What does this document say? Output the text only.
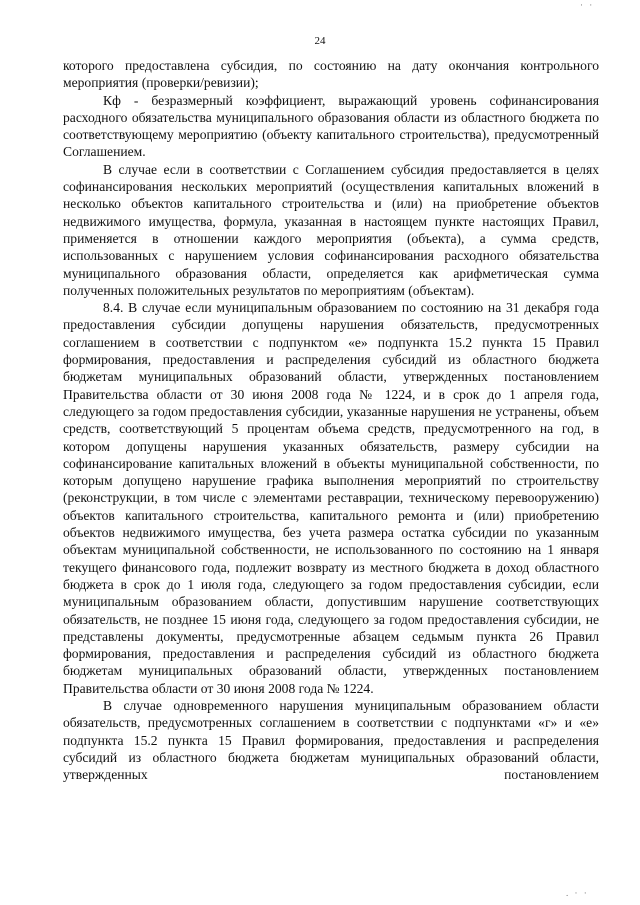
· ·
24

которого предоставлена субсидия, по состоянию на дату окончания контрольного мероприятия (проверки/ревизии);

Кф - безразмерный коэффициент, выражающий уровень софинансирования расходного обязательства муниципального образования области из областного бюджета по соответствующему мероприятию (объекту капитального строительства), предусмотренный Соглашением.

В случае если в соответствии с Соглашением субсидия предоставляется в целях софинансирования нескольких мероприятий (осуществления капитальных вложений в несколько объектов капитального строительства и (или) на приобретение объектов недвижимого имущества, формула, указанная в настоящем пункте настоящих Правил, применяется в отношении каждого мероприятия (объекта), а сумма средств, использованных с нарушением условия софинансирования расходного обязательства муниципального образования области, определяется как арифметическая сумма полученных положительных результатов по мероприятиям (объектам).

8.4. В случае если муниципальным образованием по состоянию на 31 декабря года предоставления субсидии допущены нарушения обязательств, предусмотренных соглашением в соответствии с подпунктом «е» подпункта 15.2 пункта 15 Правил формирования, предоставления и распределения субсидий из областного бюджета бюджетам муниципальных образований области, утвержденных постановлением Правительства области от 30 июня 2008 года № 1224, и в срок до 1 апреля года, следующего за годом предоставления субсидии, указанные нарушения не устранены, объем средств, соответствующий 5 процентам объема средств, предусмотренного на год, в котором допущены нарушения указанных обязательств, размеру субсидии на софинансирование капитальных вложений в объекты муниципальной собственности, по которым допущено нарушение графика выполнения мероприятий по строительству (реконструкции, в том числе с элементами реставрации, техническому перевооружению) объектов капитального строительства, капитального ремонта и (или) приобретению объектов недвижимого имущества, без учета размера остатка субсидии по указанным объектам муниципальной собственности, не использованного по состоянию на 1 января текущего финансового года, подлежит возврату из местного бюджета в доход областного бюджета в срок до 1 июля года, следующего за годом предоставления субсидии, если муниципальным образованием области, допустившим нарушение соответствующих обязательств, не позднее 15 июня года, следующего за годом предоставления субсидии, не представлены документы, предусмотренные абзацем седьмым пункта 26 Правил формирования, предоставления и распределения субсидий из областного бюджета бюджетам муниципальных образований области, утвержденных постановлением Правительства области от 30 июня 2008 года № 1224.

В случае одновременного нарушения муниципальным образованием области обязательств, предусмотренных соглашением в соответствии с подпунктами «г» и «е» подпункта 15.2 пункта 15 Правил формирования, предоставления и распределения субсидий из областного бюджета бюджетам муниципальных образований области, утвержденных постановлением

. · ·
